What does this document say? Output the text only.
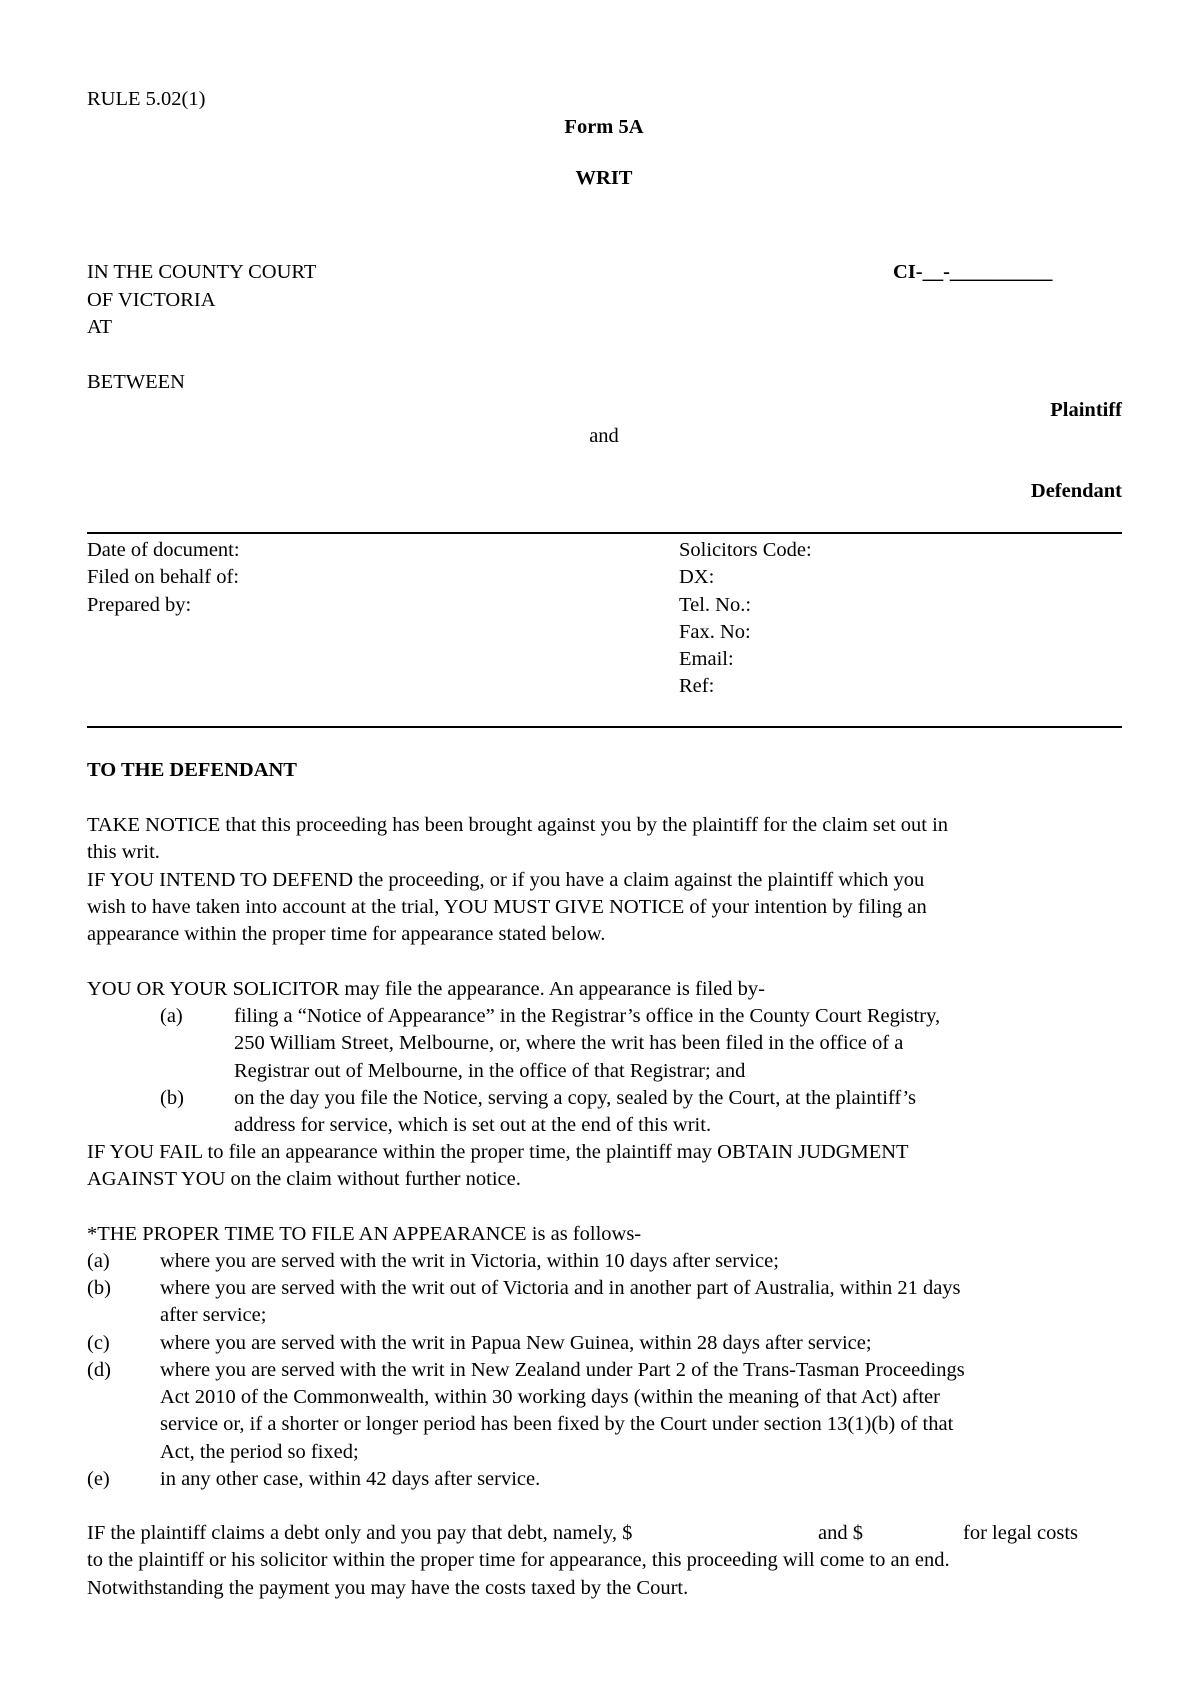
RULE 5.02(1)
Form 5A
WRIT
IN THE COUNTY COURT
OF VICTORIA
AT
CI-__-__________
BETWEEN
Plaintiff
and
Defendant
Date of document:
Filed on behalf of:
Prepared by:
Solicitors Code:
DX:
Tel. No.:
Fax. No:
Email:
Ref:
TO THE DEFENDANT
TAKE NOTICE that this proceeding has been brought against you by the plaintiff for the claim set out in
this writ.
IF YOU INTEND TO DEFEND the proceeding, or if you have a claim against the plaintiff which you
wish to have taken into account at the trial, YOU MUST GIVE NOTICE of your intention by filing an
appearance within the proper time for appearance stated below.
YOU OR YOUR SOLICITOR may file the appearance. An appearance is filed by-
(a) filing a “Notice of Appearance” in the Registrar’s office in the County Court Registry,
250 William Street, Melbourne, or, where the writ has been filed in the office of a
Registrar out of Melbourne, in the office of that Registrar; and
(b) on the day you file the Notice, serving a copy, sealed by the Court, at the plaintiff’s
address for service, which is set out at the end of this writ.
IF YOU FAIL to file an appearance within the proper time, the plaintiff may OBTAIN JUDGMENT
AGAINST YOU on the claim without further notice.
*THE PROPER TIME TO FILE AN APPEARANCE is as follows-
(a) where you are served with the writ in Victoria, within 10 days after service;
(b) where you are served with the writ out of Victoria and in another part of Australia, within 21 days
after service;
(c) where you are served with the writ in Papua New Guinea, within 28 days after service;
(d) where you are served with the writ in New Zealand under Part 2 of the Trans-Tasman Proceedings
Act 2010 of the Commonwealth, within 30 working days (within the meaning of that Act) after
service or, if a shorter or longer period has been fixed by the Court under section 13(1)(b) of that
Act, the period so fixed;
(e) in any other case, within 42 days after service.
IF the plaintiff claims a debt only and you pay that debt, namely, $	and $	for legal costs
to the plaintiff or his solicitor within the proper time for appearance, this proceeding will come to an end.
Notwithstanding the payment you may have the costs taxed by the Court.
